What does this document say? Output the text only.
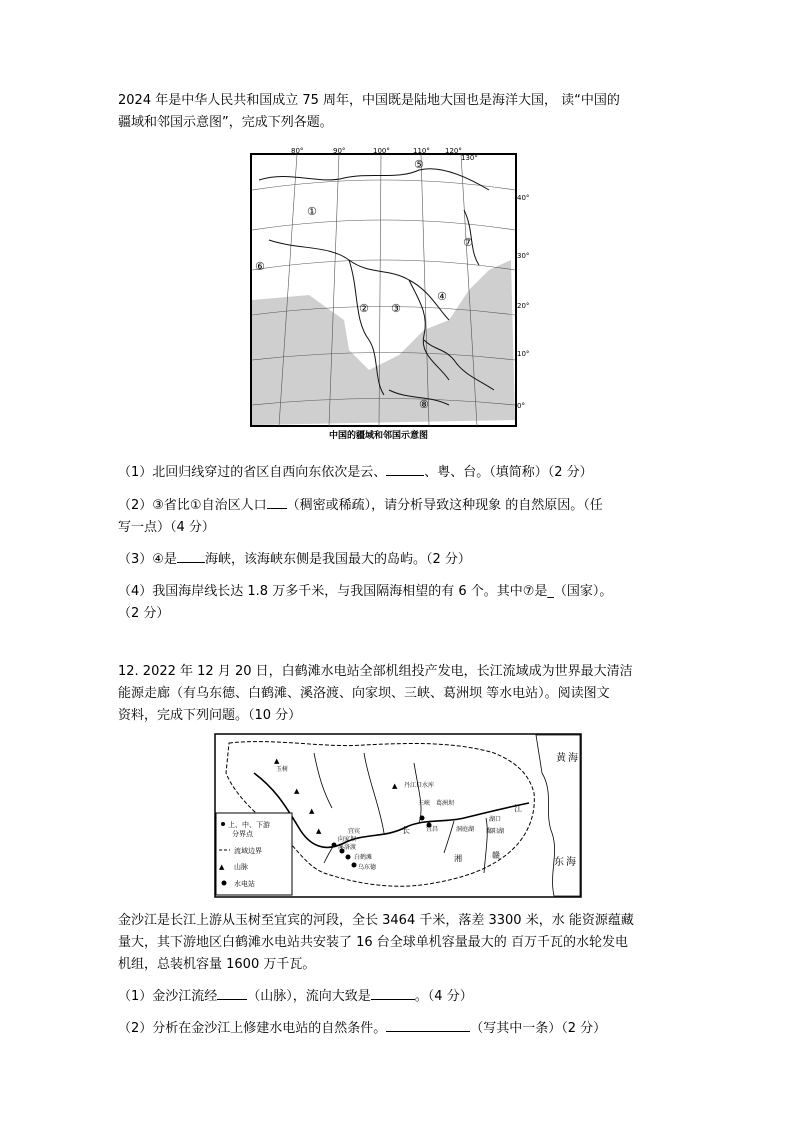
2024 年是中华人民共和国成立 75 周年，中国既是陆地大国也是海洋大国， 读“中国的
疆域和邻国示意图”，完成下列各题。

80°	90°	100°	110° 120°
130°
40°
30°
20°
10°
0°
①
② ③
④
⑤
⑥
⑦
⑧
中国的疆域和邻国示意图

（1）北回归线穿过的省区自西向东依次是云、	、粤、台。（填简称）（2 分）

（2）③省比①自治区人口 （稠密或稀疏），请分析导致这种现象 的自然原因。（任
写一点）（4 分）

（3）④是 海峡，该海峡东侧是我国最大的岛屿。（2 分）

（4）我国海岸线长达 1.8 万多千米，与我国隔海相望的有 6 个。其中⑦是_（国家）。
（2 分）

12. 2022 年 12 月 20 日，白鹤滩水电站全部机组投产发电，长江流域成为世界最大清洁
能源走廊（有乌东德、白鹤滩、溪洛渡、向家坝、三峡、葛洲坝 等水电站）。阅读图文
资料，完成下列问题。（10 分）

▲
▲
▲
▲
▲	黄 海
东 海
丹江口水库
三峡 葛洲坝
宜昌	洞庭湖
湖口
鄱阳湖
向家坝
溪洛渡
白鹤滩
乌东德
宜宾
玉树
长
江
湘	赣
上、中、下游
分界点
流域边界
▲ 山脉
水电站

金沙江是长江上游从玉树至宜宾的河段，全长 3464 千米，落差 3300 米，水 能资源蕴藏
量大，其下游地区白鹤滩水电站共安装了 16 台全球单机容量最大的 百万千瓦的水轮发电
机组，总装机容量 1600 万千瓦。

（1）金沙江流经 （山脉），流向大致是	。（4 分）

（2）分析在金沙江上修建水电站的自然条件。	（写其中一条）（2 分）
